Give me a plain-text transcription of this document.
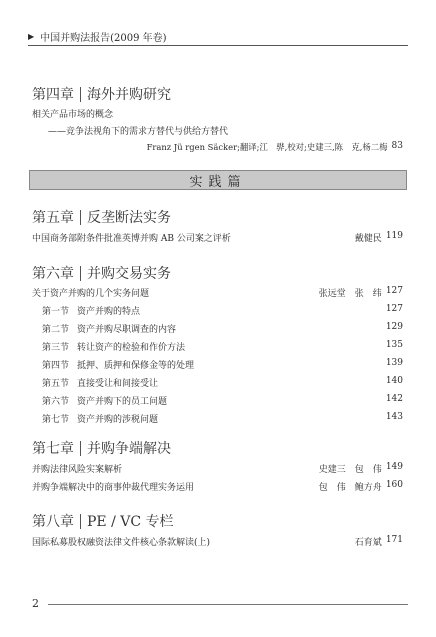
▶ 中国并购法报告(2009 年卷)
第四章 海外并购研究
相关产品市场的概念
——竞争法视角下的需求方替代与供给方替代
Franz Jü rgen Säcker;翻译;江　骅,校对;史建三,陈　克,杨二梅 83
实践篇
第五章 反垄断法实务
中国商务部附条件批准英博并购 AB 公司案之评析	戴健民 119
第六章 并购交易实务
关于资产并购的几个实务问题	张远堂　张　纬 127
第一节 资产并购的特点	127
第二节 资产并购尽职调查的内容	129
第三节 转让资产的检验和作价方法	135
第四节 抵押、质押和保修金等的处理	139
第五节 直接受让和间接受让	140
第六节 资产并购下的员工问题	142
第七节 资产并购的涉税问题	143
第七章 并购争端解决
并购法律风险实案解析	史建三　包　伟 149
并购争端解决中的商事仲裁代理实务运用	包　伟　鲍方舟 160
第八章 PE / VC 专栏
国际私募股权融资法律文件核心条款解读(上)	石育斌 171
2
